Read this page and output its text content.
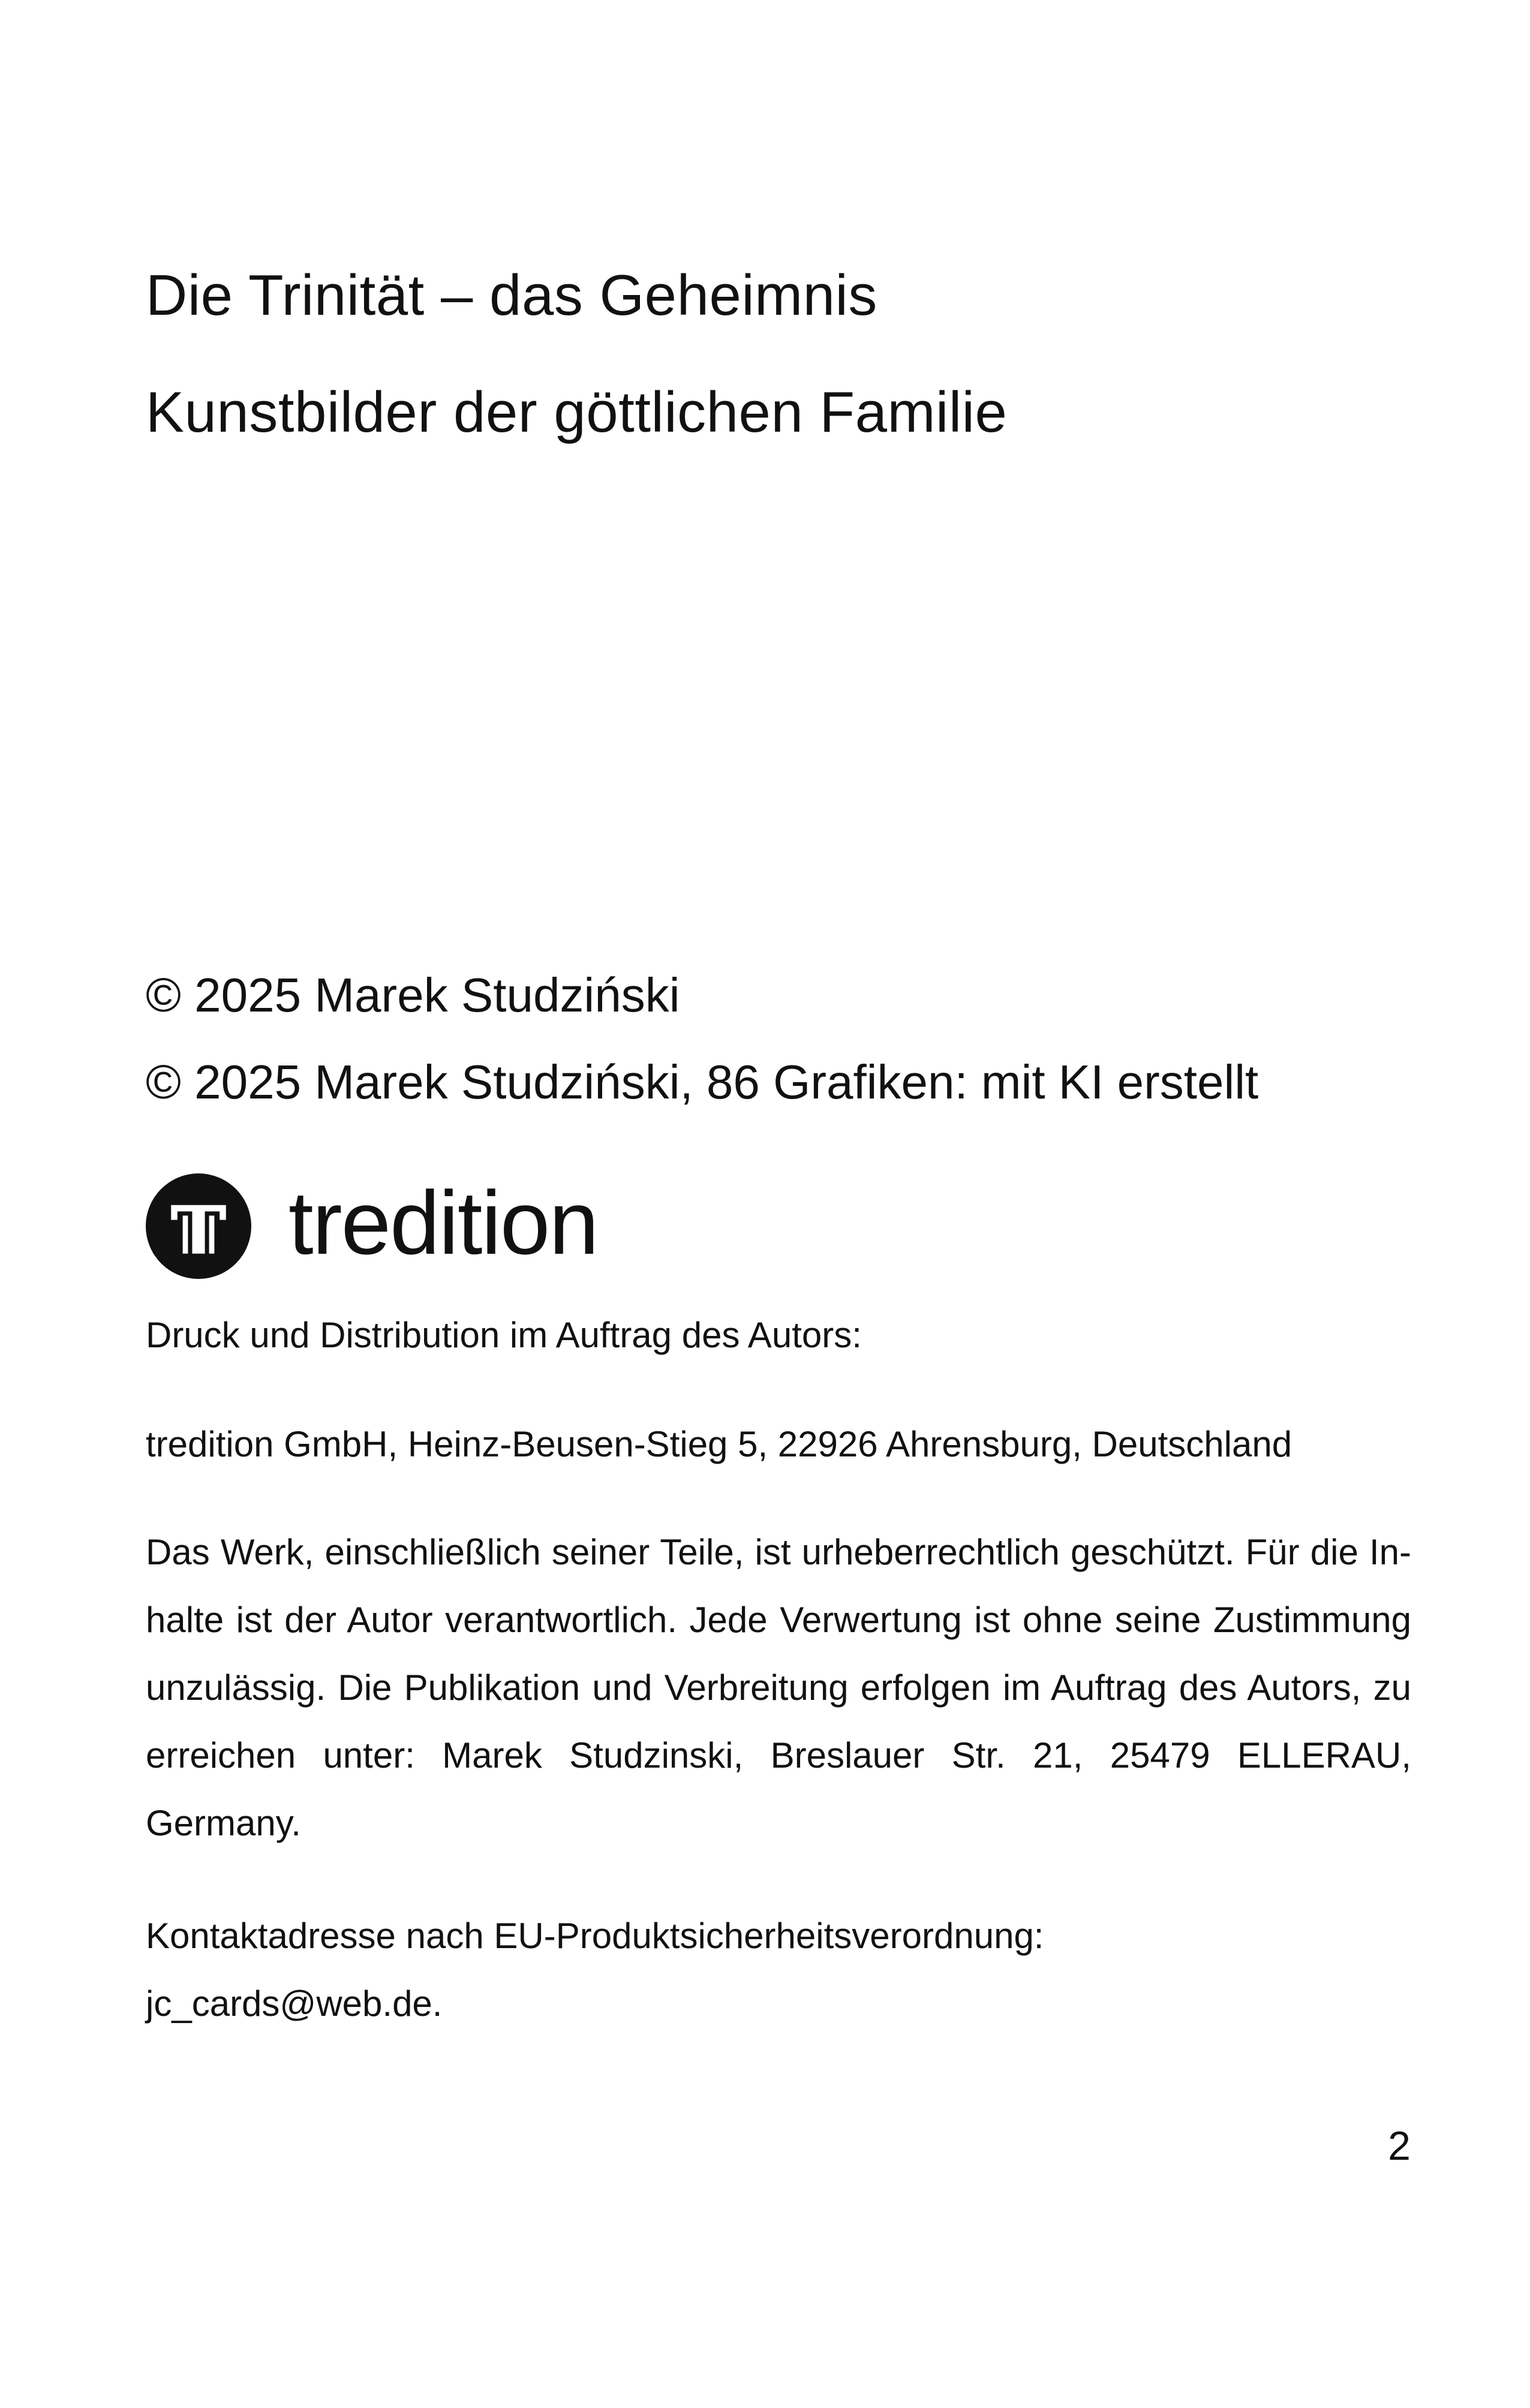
Die Trinität – das Geheimnis
Kunstbilder der göttlichen Familie
© 2025 Marek Studziński
© 2025 Marek Studziński, 86 Grafiken: mit KI erstellt
tredition
Druck und Distribution im Auftrag des Autors:
tredition GmbH, Heinz-Beusen-Stieg 5, 22926 Ahrensburg, Deutschland
Das Werk, einschließlich seiner Teile, ist urheberrechtlich geschützt. Für die In-halte ist der Autor verantwortlich. Jede Verwertung ist ohne seine Zustimmung unzulässig. Die Publikation und Verbreitung erfolgen im Auftrag des Autors, zu erreichen unter: Marek Studzinski, Breslauer Str. 21, 25479 ELLERAU, Germany.
Kontaktadresse nach EU-Produktsicherheitsverordnung:
jc_cards@web.de.
2
